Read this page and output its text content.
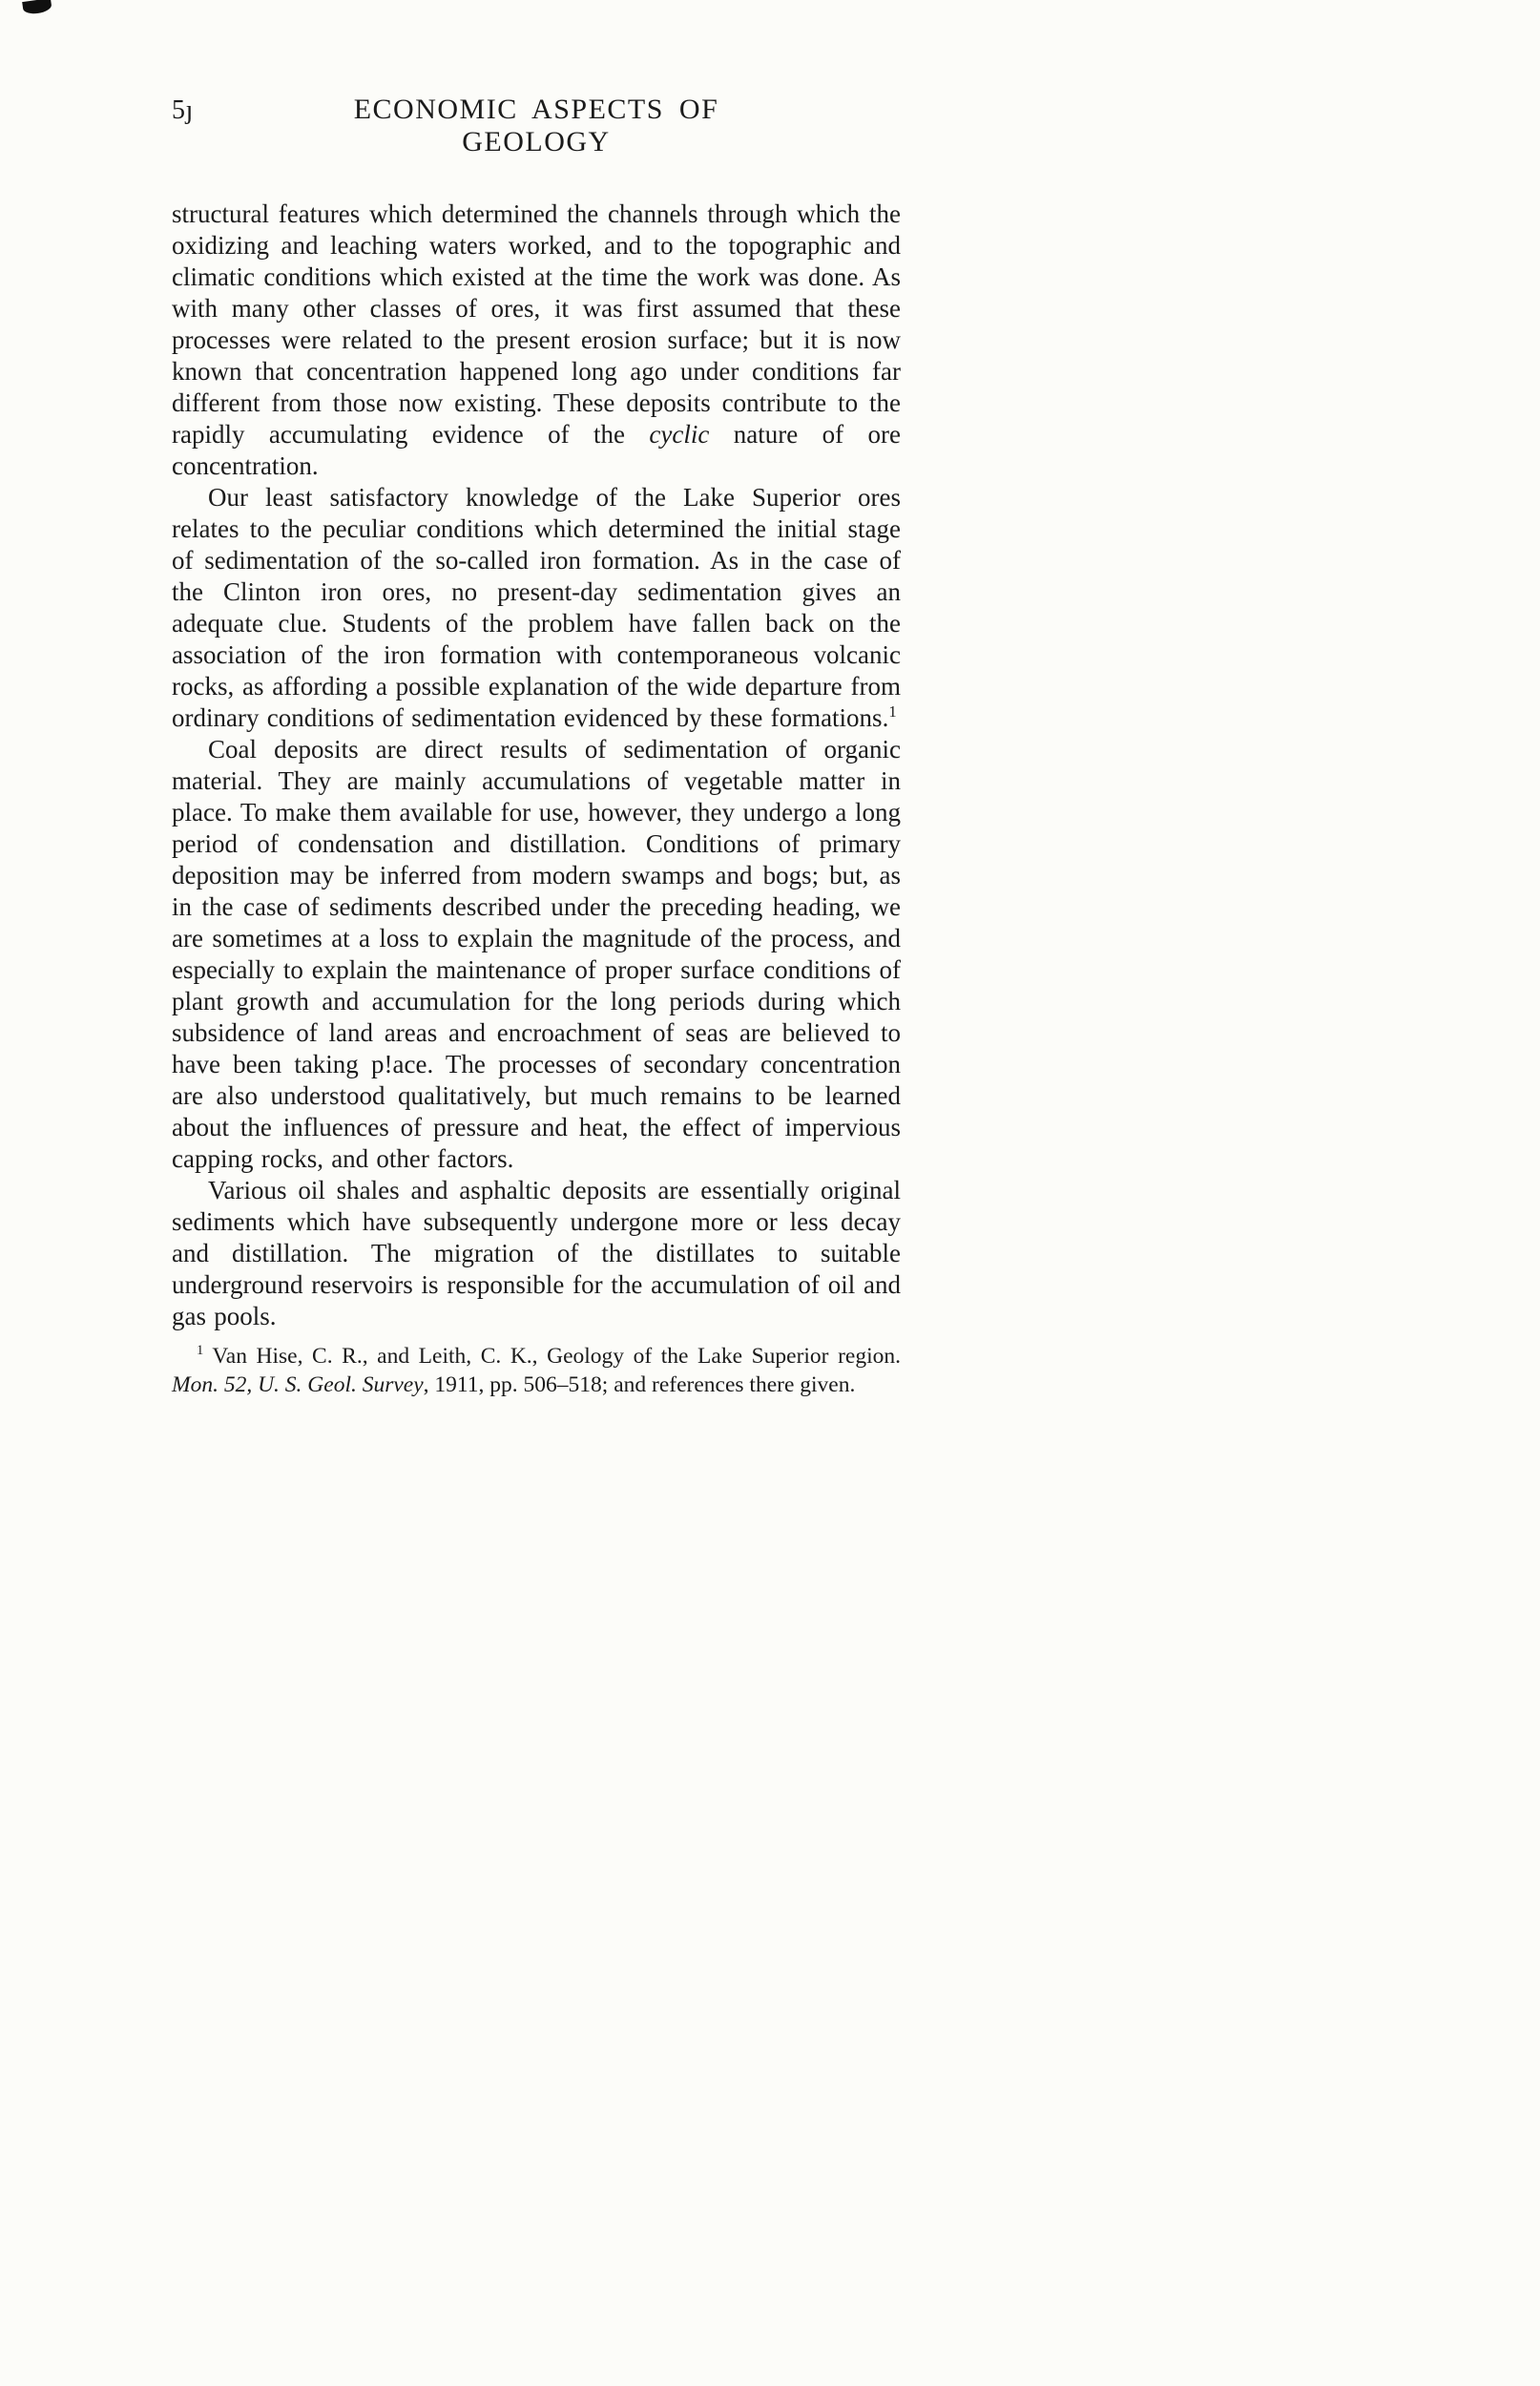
5ȷ	ECONOMIC ASPECTS OF GEOLOGY

structural features which determined the channels through which the oxidizing and leaching waters worked, and to the topographic and climatic conditions which existed at the time the work was done. As with many other classes of ores, it was first assumed that these processes were related to the present erosion surface; but it is now known that concentration happened long ago under conditions far different from those now existing. These deposits contribute to the rapidly accumulating evidence of the cyclic nature of ore concentration.

Our least satisfactory knowledge of the Lake Superior ores relates to the peculiar conditions which determined the initial stage of sedimentation of the so-called iron formation. As in the case of the Clinton iron ores, no present-day sedimentation gives an adequate clue. Students of the problem have fallen back on the association of the iron formation with contemporaneous volcanic rocks, as affording a possible explanation of the wide departure from ordinary conditions of sedimentation evidenced by these formations.$^1$

Coal deposits are direct results of sedimentation of organic material. They are mainly accumulations of vegetable matter in place. To make them available for use, however, they undergo a long period of condensation and distillation. Conditions of primary deposition may be inferred from modern swamps and bogs; but, as in the case of sediments described under the preceding heading, we are sometimes at a loss to explain the magnitude of the process, and especially to explain the maintenance of proper surface conditions of plant growth and accumulation for the long periods during which subsidence of land areas and encroachment of seas are believed to have been taking p!ace. The processes of secondary concentration are also understood qualitatively, but much remains to be learned about the influences of pressure and heat, the effect of impervious capping rocks, and other factors.

Various oil shales and asphaltic deposits are essentially original sediments which have subsequently undergone more or less decay and distillation. The migration of the distillates to suitable underground reservoirs is responsible for the accumulation of oil and gas pools.

$^1$ Van Hise, C. R., and Leith, C. K., Geology of the Lake Superior region. Mon. 52, U. S. Geol. Survey, 1911, pp. 506–518; and references there given.
